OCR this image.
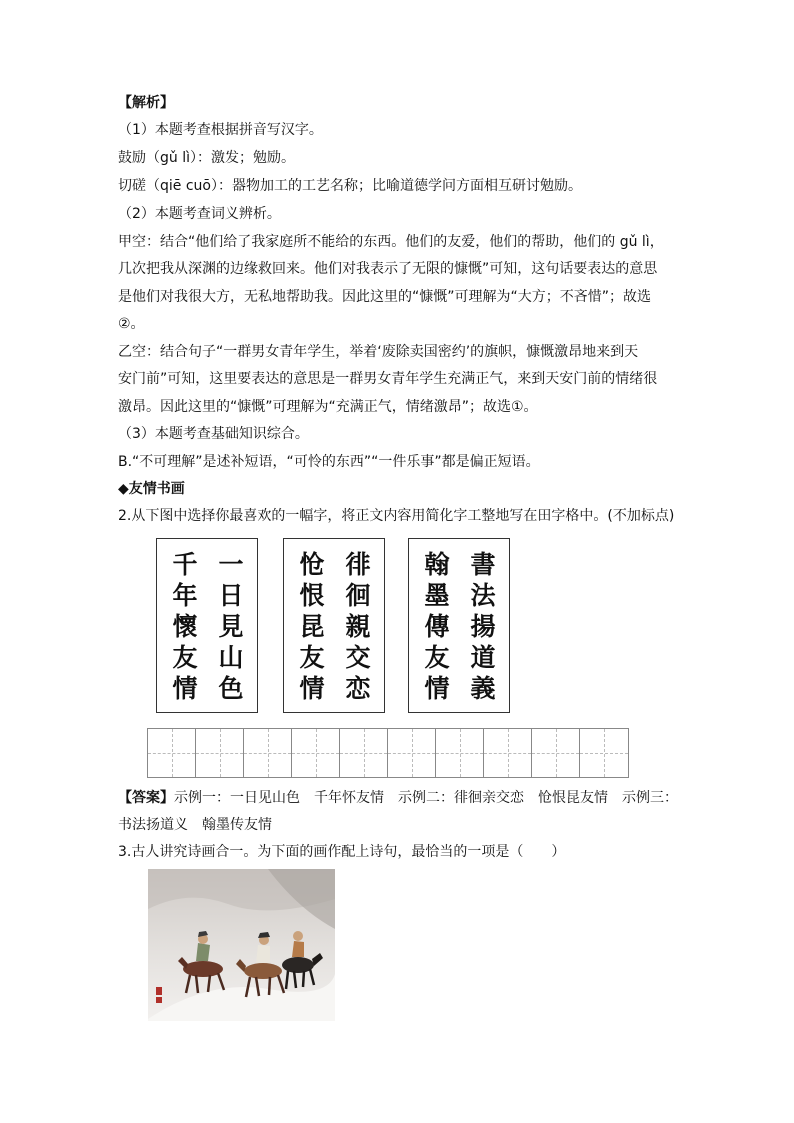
【解析】
（1）本题考查根据拼音写汉字。
鼓励（gǔ lì）：激发；勉励。
切磋（qiē cuō）：器物加工的工艺名称；比喻道德学问方面相互研讨勉励。
（2）本题考查词义辨析。
甲空：结合“他们给了我家庭所不能给的东西。他们的友爱，他们的帮助，他们的 gǔ lì，
几次把我从深渊的边缘救回来。他们对我表示了无限的慷慨”可知，这句话要表达的意思
是他们对我很大方，无私地帮助我。因此这里的“慷慨”可理解为“大方；不吝惜”；故选
②。
乙空：结合句子“一群男女青年学生，举着‘废除卖国密约’的旗帜，慷慨激昂地来到天
安门前”可知，这里要表达的意思是一群男女青年学生充满正气，来到天安门前的情绪很
激昂。因此这里的“慷慨”可理解为“充满正气，情绪激昂”；故选①。
（3）本题考查基础知识综合。
B.“不可理解”是述补短语，“可怜的东西”“一件乐事”都是偏正短语。
◆友情书画
2.从下图中选择你最喜欢的一幅字，将正文内容用简化字工整地写在田字格中。(不加标点)
一
日
見
山
色
千
年
懷
友
情
徘
徊
親
交
恋
怆
恨
昆
友
情
書
法
揚
道
義
翰
墨
傳
友
情
【答案】示例一：一日见山色　千年怀友情　示例二：徘徊亲交恋　怆恨昆友情　示例三：
书法扬道义　翰墨传友情
3.古人讲究诗画合一。为下面的画作配上诗句，最恰当的一项是（　　）
